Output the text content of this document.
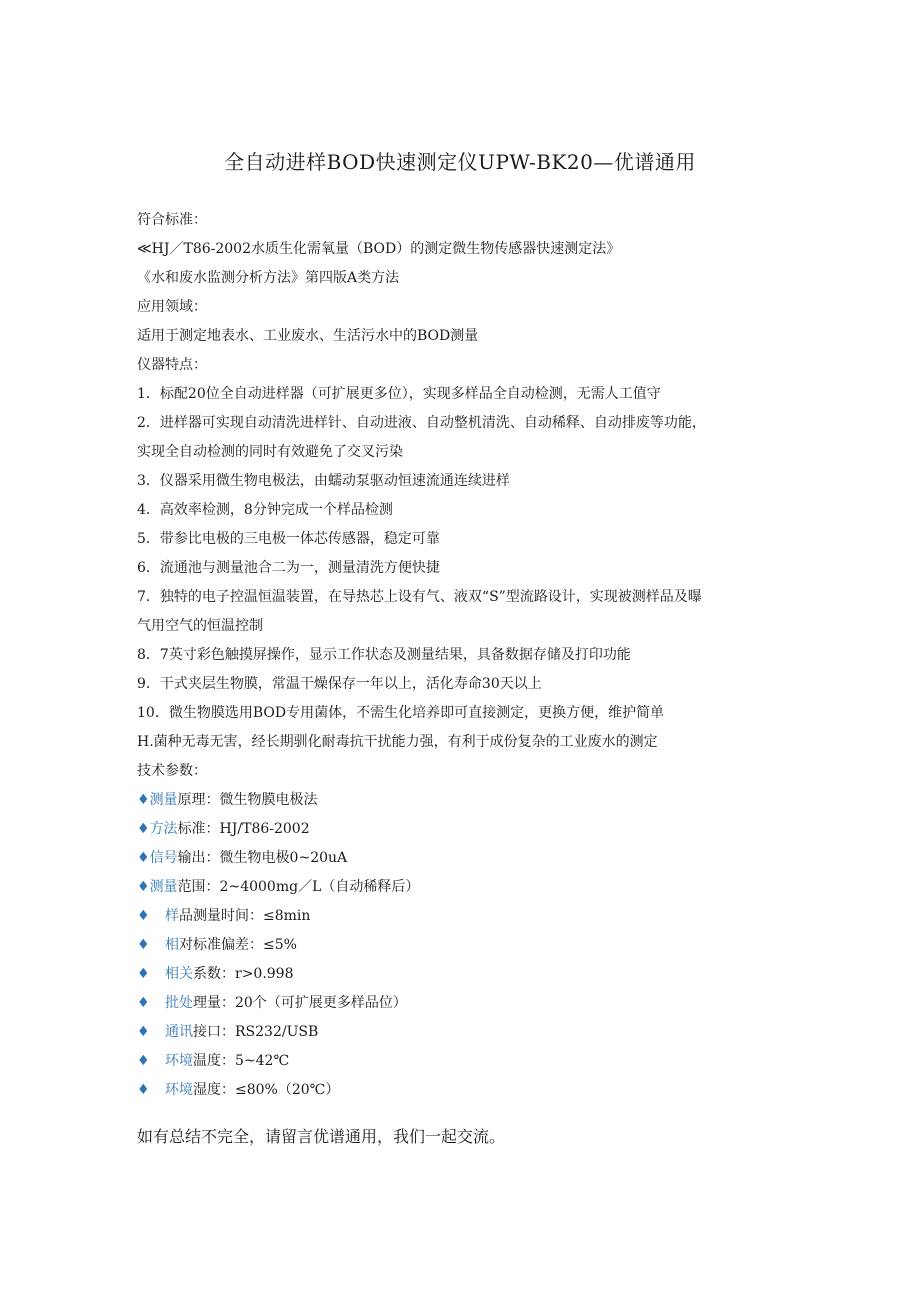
全自动进样BOD快速测定仪UPW-BK20—优谱通用
符合标准：
≪HJ／T86-2002水质生化需氧量（BOD）的测定微生物传感器快速测定法》
《水和废水监测分析方法》第四版A类方法
应用领域：
适用于测定地表水、工业废水、生活污水中的BOD测量
仪器特点：
1．标配20位全自动进样器（可扩展更多位），实现多样品全自动检测，无需人工值守
2．进样器可实现自动清洗进样针、自动进液、自动整机清洗、自动稀释、自动排废等功能，
实现全自动检测的同时有效避免了交叉污染
3．仪器采用微生物电极法，由蠕动泵驱动恒速流通连续进样
4．高效率检测，8分钟完成一个样品检测
5．带参比电极的三电极一体芯传感器，稳定可靠
6．流通池与测量池合二为一，测量清洗方便快捷
7．独特的电子控温恒温装置，在导热芯上设有气、液双“S”型流路设计，实现被测样品及曝
气用空气的恒温控制
8．7英寸彩色触摸屏操作，显示工作状态及测量结果，具备数据存储及打印功能
9．干式夹层生物膜，常温干燥保存一年以上，活化寿命30天以上
10．微生物膜选用BOD专用菌体，不需生化培养即可直接测定，更换方便，维护简单
H.菌种无毒无害，经长期驯化耐毒抗干扰能力强，有利于成份复杂的工业废水的测定
技术参数：
♦测量原理：微生物膜电极法
♦方法标准：HJ/T86-2002
♦信号输出：微生物电极0~20uA
♦测量范围：2~4000mg／L（自动稀释后）
♦ 样品测量时间：≤8min
♦ 相对标准偏差：≤5%
♦ 相关系数：r>0.998
♦ 批处理量：20个（可扩展更多样品位）
♦ 通讯接口：RS232/USB
♦ 环境温度：5~42℃
♦ 环境湿度：≤80%（20℃）
如有总结不完全，请留言优谱通用，我们一起交流。
